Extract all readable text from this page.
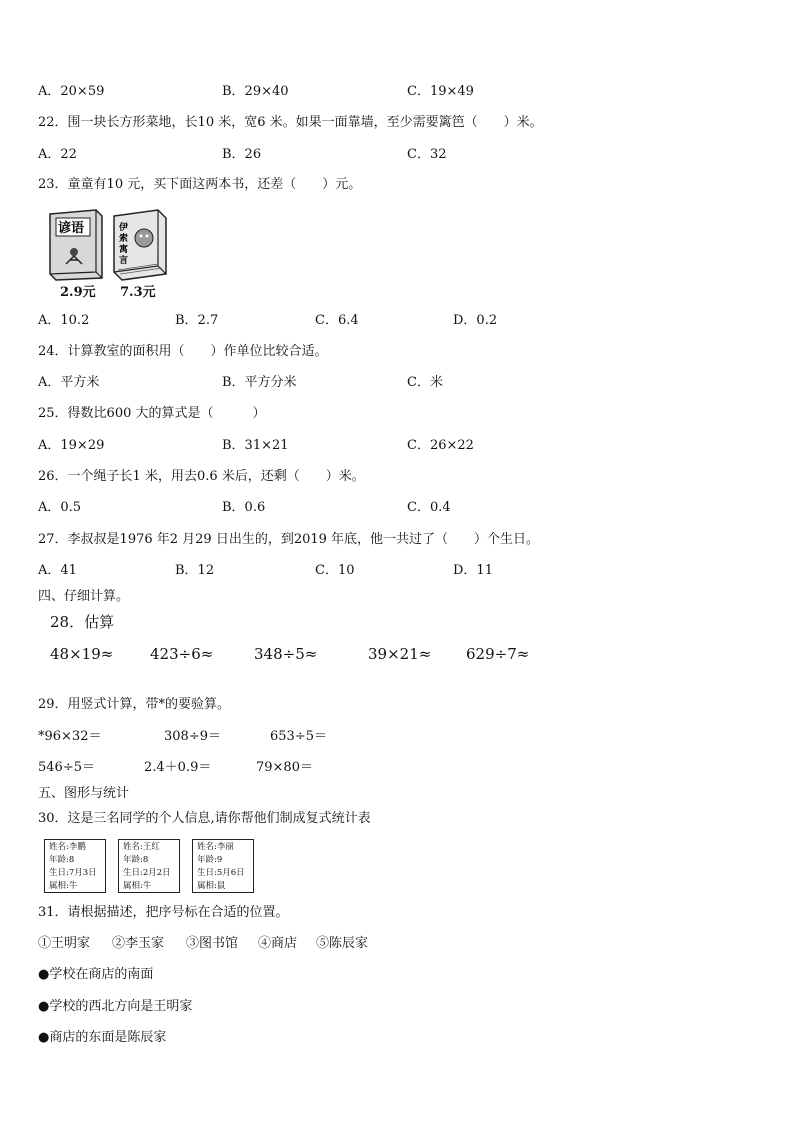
A．20×59	B．29×40	C．19×49
22．围一块长方形菜地，长10 米，宽6 米。如果一面靠墙，至少需要篱笆（　　）米。
A．22	B．26	C．32
23．童童有10 元，买下面这两本书，还差（　　）元。
谚语	伊索寓言
2.9元 7.3元
A．10.2	B．2.7	C．6.4	D．0.2
24．计算教室的面积用（　　）作单位比较合适。
A．平方米	B．平方分米	C．米
25．得数比600 大的算式是（　　　）
A．19×29	B．31×21	C．26×22
26．一个绳子长1 米，用去0.6 米后，还剩（　　）米。
A．0.5	B．0.6	C．0.4
27．李叔叔是1976 年2 月29 日出生的，到2019 年底，他一共过了（　　）个生日。
A．41	B．12	C．10	D．11
四、仔细计算。
28．估算
48×19≈ 423÷6≈	348÷5≈	39×21≈ 629÷7≈
29．用竖式计算，带*的要验算。
*96×32＝	308÷9＝	653÷5＝
546÷5＝	2.4＋0.9＝	79×80＝
五、图形与统计
30．这是三名同学的个人信息,请你帮他们制成复式统计表
姓名:李鹏
年龄:8
生日:7月3日
属相:牛
姓名:王红
年龄:8
生日:2月2日
属相:牛
姓名:李丽
年龄:9
生日:5月6日
属相:鼠
31．请根据描述，把序号标在合适的位置。
①王明家 ②李玉家 ③图书馆 ④商店 ⑤陈辰家
●学校在商店的南面
●学校的西北方向是王明家
●商店的东面是陈辰家
